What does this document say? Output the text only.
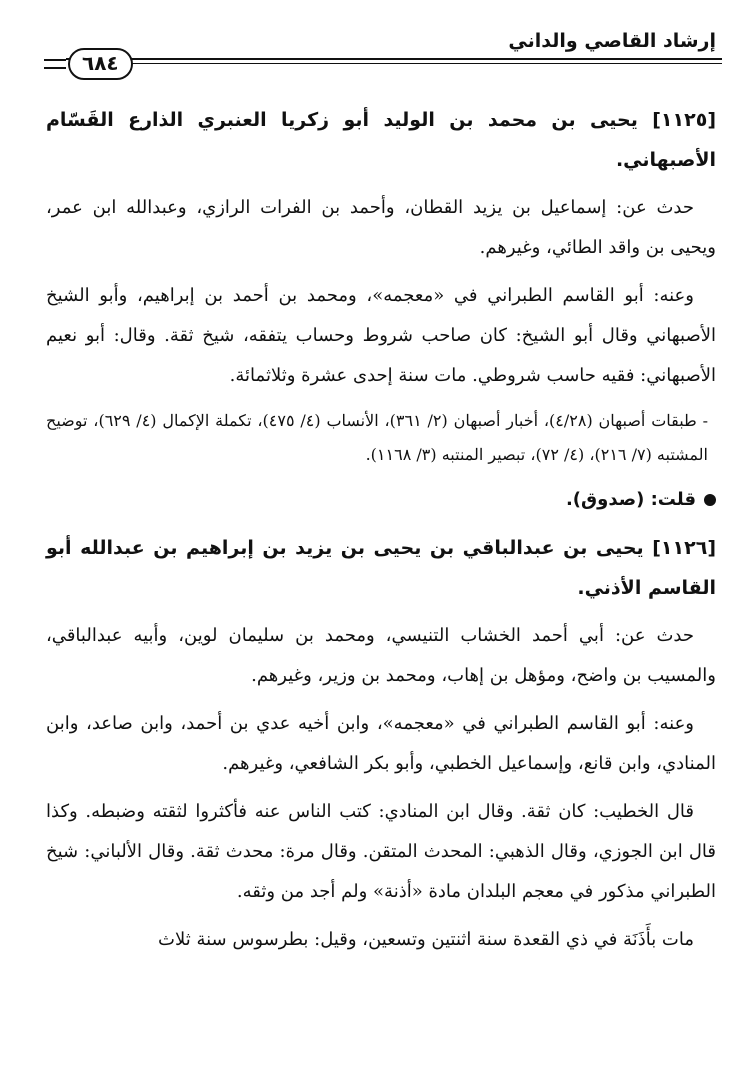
إرشاد القاصي والداني
٦٨٤

[١١٢٥] يحيى بن محمد بن الوليد أبو زكريا العنبري الذارع القَسّام الأصبهاني.

حدث عن: إسماعيل بن يزيد القطان، وأحمد بن الفرات الرازي، وعبدالله ابن عمر، ويحيى بن واقد الطائي، وغيرهم.

وعنه: أبو القاسم الطبراني في «معجمه»، ومحمد بن أحمد بن إبراهيم، وأبو الشيخ الأصبهاني وقال أبو الشيخ: كان صاحب شروط وحساب يتفقه، شيخ ثقة. وقال: أبو نعيم الأصبهاني: فقيه حاسب شروطي. مات سنة إحدى عشرة وثلاثمائة.

- طبقات أصبهان (٤/٢٨)، أخبار أصبهان (٢/ ٣٦١)، الأنساب (٤/ ٤٧٥)، تكملة الإكمال (٤/ ٦٢٩)، توضيح المشتبه (٧/ ٢١٦)، (٤/ ٧٢)، تبصير المنتبه (٣/ ١١٦٨).

قلت: (صدوق).

[١١٢٦] يحيى بن عبدالباقي بن يحيى بن يزيد بن إبراهيم بن عبدالله أبو القاسم الأذني.

حدث عن: أبي أحمد الخشاب التنيسي، ومحمد بن سليمان لوين، وأبيه عبدالباقي، والمسيب بن واضح، ومؤهل بن إهاب، ومحمد بن وزير، وغيرهم.

وعنه: أبو القاسم الطبراني في «معجمه»، وابن أخيه عدي بن أحمد، وابن صاعد، وابن المنادي، وابن قانع، وإسماعيل الخطبي، وأبو بكر الشافعي، وغيرهم.

قال الخطيب: كان ثقة. وقال ابن المنادي: كتب الناس عنه فأكثروا لثقته وضبطه. وكذا قال ابن الجوزي، وقال الذهبي: المحدث المتقن. وقال مرة: محدث ثقة. وقال الألباني: شيخ الطبراني مذكور في معجم البلدان مادة «أذنة» ولم أجد من وثقه.

مات بأَذَنَة في ذي القعدة سنة اثنتين وتسعين، وقيل: بطرسوس سنة ثلاث
